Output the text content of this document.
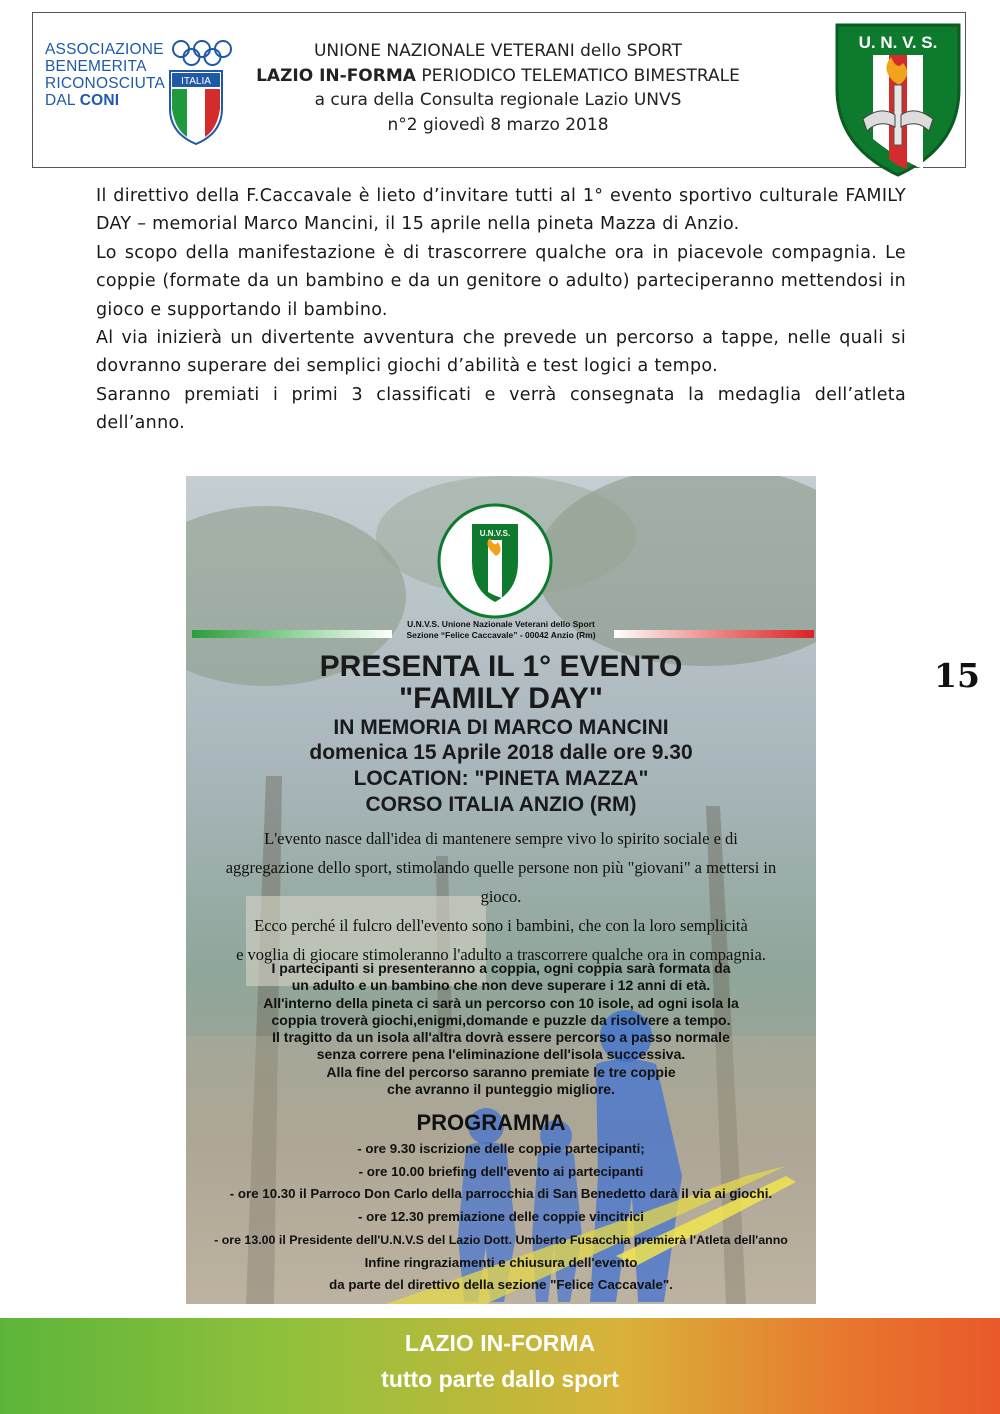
ASSOCIAZIONE
BENEMERITA
RICONOSCIUTA
DAL CONI
ITALIA
UNIONE NAZIONALE VETERANI dello SPORT
LAZIO IN-FORMA PERIODICO TELEMATICO BIMESTRALE
a cura della Consulta regionale Lazio UNVS
n°2 giovedì 8 marzo 2018
U. N. V. S.

Il direttivo della F.Caccavale è lieto d’invitare tutti al 1° evento sportivo culturale FAMILY DAY – memorial Marco Mancini, il 15 aprile nella pineta Mazza di Anzio.

Lo scopo della manifestazione è di trascorrere qualche ora in piacevole compagnia. Le coppie (formate da un bambino e da un genitore o adulto) parteciperanno mettendosi in gioco e supportando il bambino.

Al via inizierà un divertente avventura che prevede un percorso a tappe, nelle quali si dovranno superare dei semplici giochi d’abilità e test logici a tempo.

Saranno premiati i primi 3 classificati e verrà consegnata la medaglia dell’atleta dell’anno.

15
U.N.V.S.
U.N.V.S. Unione Nazionale Veterani dello Sport
Sezione “Felice Caccavale” - 00042 Anzio (Rm)
PRESENTA IL 1° EVENTO
"FAMILY DAY"
IN MEMORIA DI MARCO MANCINI
domenica 15 Aprile 2018 dalle ore 9.30
LOCATION: "PINETA MAZZA"
CORSO ITALIA ANZIO (RM)
L'evento nasce dall'idea di mantenere sempre vivo lo spirito sociale e di
aggregazione dello sport, stimolando quelle persone non più "giovani" a mettersi in gioco.
Ecco perché il fulcro dell'evento sono i bambini, che con la loro semplicità
e voglia di giocare stimoleranno l'adulto a trascorrere qualche ora in compagnia.
I partecipanti si presenteranno a coppia, ogni coppia sarà formata da
un adulto e un bambino che non deve superare i 12 anni di età.
All'interno della pineta ci sarà un percorso con 10 isole, ad ogni isola la
coppia troverà giochi,enigmi,domande e puzzle da risolvere a tempo.
Il tragitto da un isola all'altra dovrà essere percorso a passo normale
senza correre pena l'eliminazione dell'isola successiva.
Alla fine del percorso saranno premiate le tre coppie
che avranno il punteggio migliore.
PROGRAMMA
- ore 9.30 iscrizione delle coppie partecipanti;
- ore 10.00 briefing dell'evento ai partecipanti
- ore 10.30 il Parroco Don Carlo della parrocchia di San Benedetto darà il via ai giochi.
- ore 12.30 premiazione delle coppie vincitrici
- ore 13.00 il Presidente dell'U.N.V.S del Lazio Dott. Umberto Fusacchia premierà l'Atleta dell'anno
Infine ringraziamenti e chiusura dell'evento
da parte del direttivo della sezione "Felice Caccavale".
LAZIO IN-FORMA
tutto parte dallo sport
